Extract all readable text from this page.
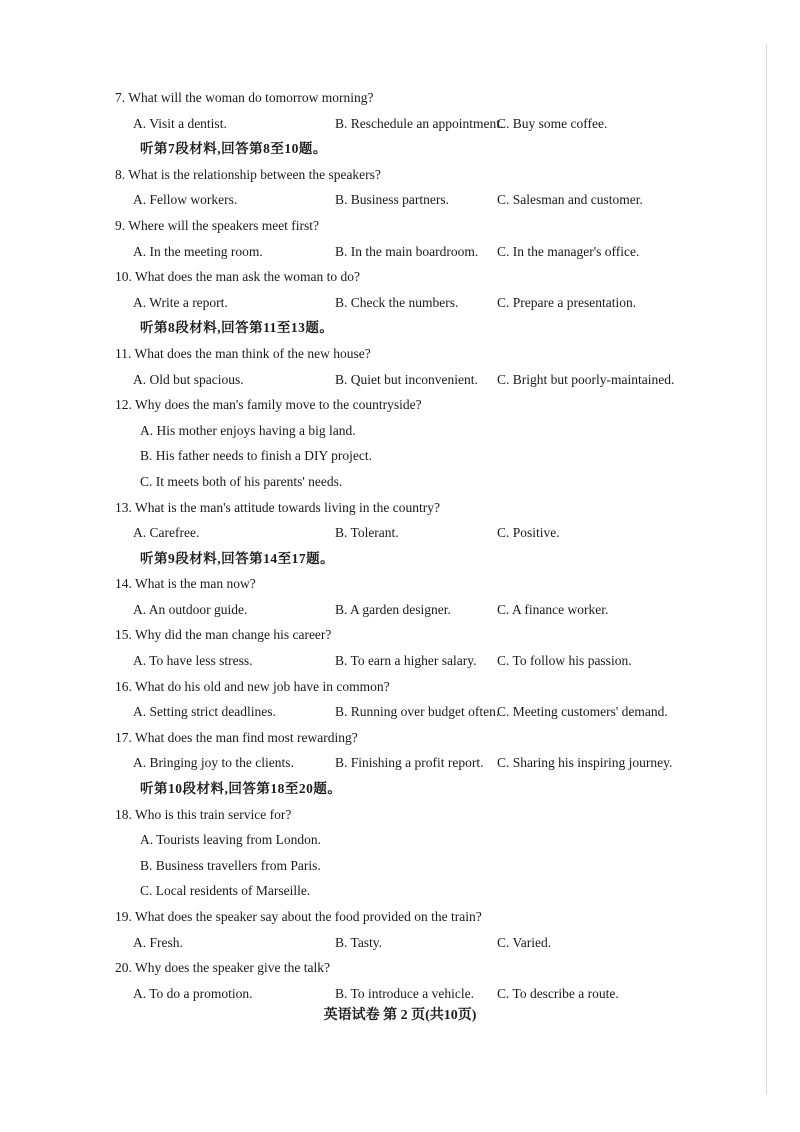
7. What will the woman do tomorrow morning?
A. Visit a dentist.	B. Reschedule an appointment.
C. Buy some coffee.
听第7段材料,回答第8至10题。
8. What is the relationship between the speakers?
A. Fellow workers.	B. Business partners.	C. Salesman and customer.
9. Where will the speakers meet first?
A. In the meeting room.	B. In the main boardroom. C. In the manager's office.
10. What does the man ask the woman to do?
A. Write a report.	B. Check the numbers.	C. Prepare a presentation.
听第8段材料,回答第11至13题。
11. What does the man think of the new house?
A. Old but spacious.	B. Quiet but inconvenient. C. Bright but poorly-maintained.
12. Why does the man's family move to the countryside?
A. His mother enjoys having a big land.
B. His father needs to finish a DIY project.
C. It meets both of his parents' needs.
13. What is the man's attitude towards living in the country?
A. Carefree.	B. Tolerant.	C. Positive.
听第9段材料,回答第14至17题。
14. What is the man now?
A. An outdoor guide.	B. A garden designer.	C. A finance worker.
15. Why did the man change his career?
A. To have less stress.	B. To earn a higher salary. C. To follow his passion.
16. What do his old and new job have in common?
A. Setting strict deadlines.	B. Running over budget often.
C. Meeting customers' demand.
17. What does the man find most rewarding?
A. Bringing joy to the clients.	B. Finishing a profit report. C. Sharing his inspiring journey.
听第10段材料,回答第18至20题。
18. Who is this train service for?
A. Tourists leaving from London.
B. Business travellers from Paris.
C. Local residents of Marseille.
19. What does the speaker say about the food provided on the train?
A. Fresh.	B. Tasty.	C. Varied.
20. Why does the speaker give the talk?
A. To do a promotion.	B. To introduce a vehicle. C. To describe a route.
英语试卷 第 2 页(共10页)
